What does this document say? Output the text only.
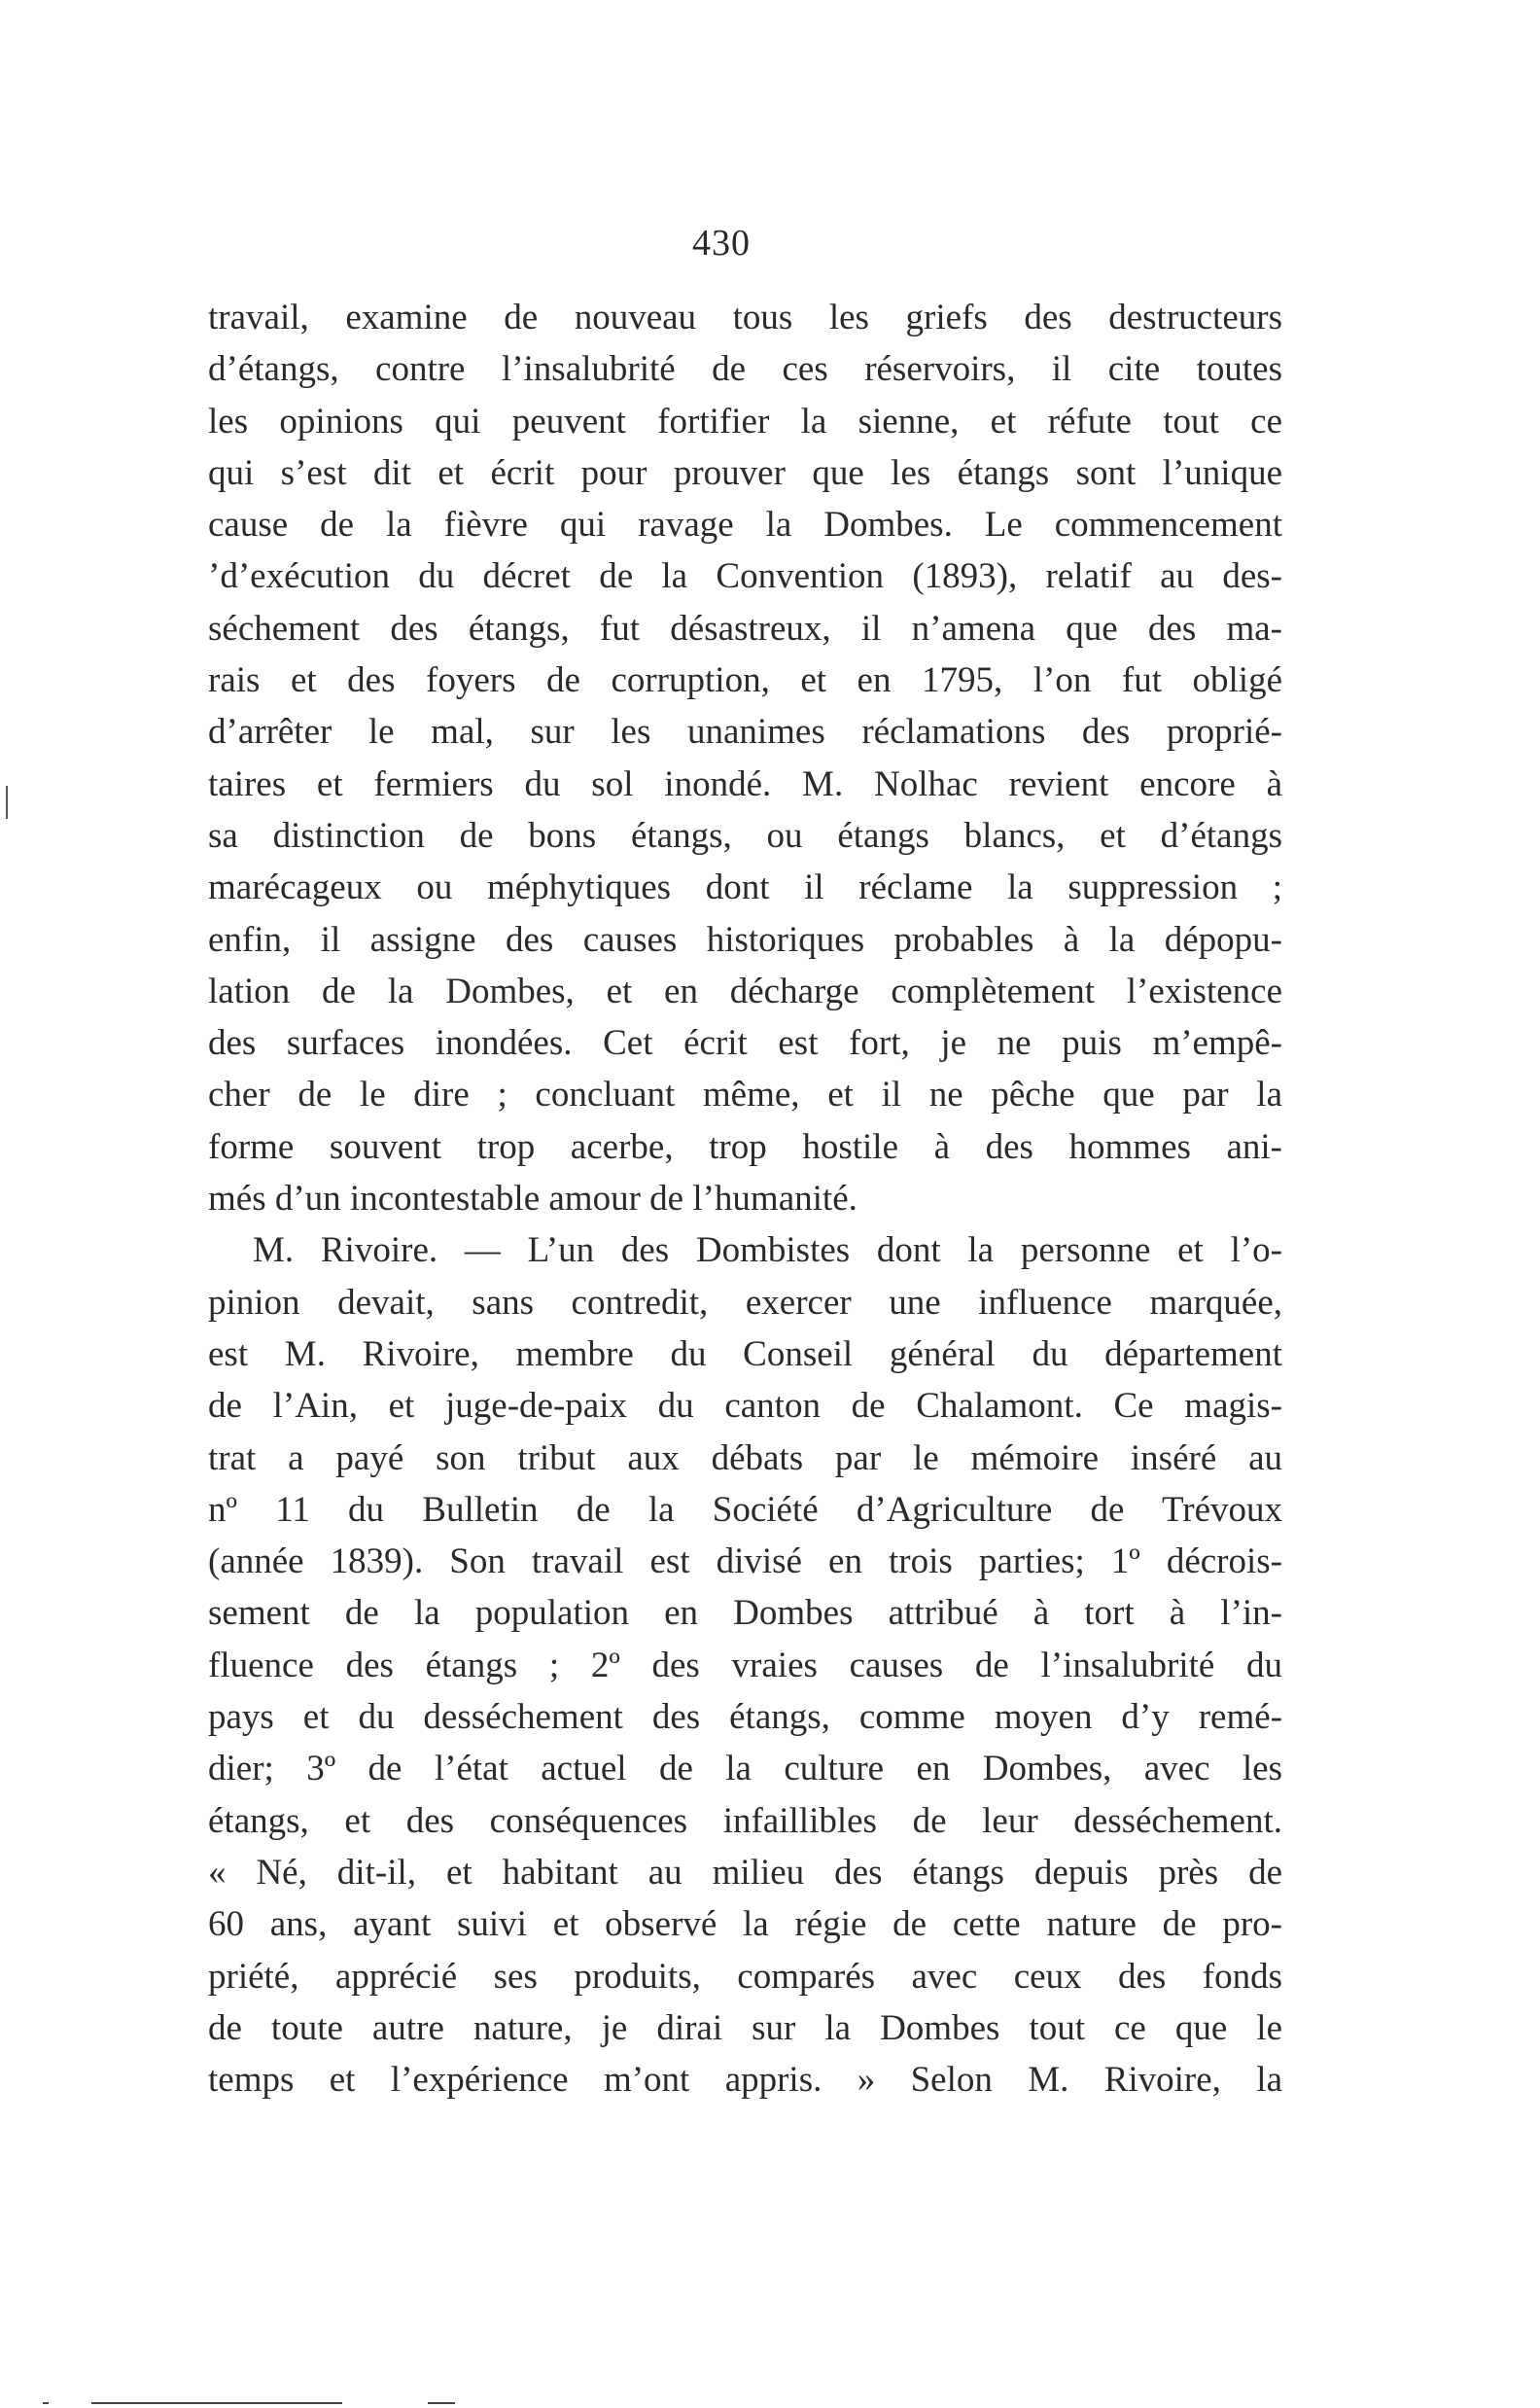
430
travail, examine de nouveau tous les griefs des destructeurs
d’étangs, contre l’insalubrité de ces réservoirs, il cite toutes
les opinions qui peuvent fortifier la sienne, et réfute tout ce
qui s’est dit et écrit pour prouver que les étangs sont l’unique
cause de la fièvre qui ravage la Dombes. Le commencement
’d’exécution du décret de la Convention (1893), relatif au des-
séchement des étangs, fut désastreux, il n’amena que des ma-
rais et des foyers de corruption, et en 1795, l’on fut obligé
d’arrêter le mal, sur les unanimes réclamations des proprié-
taires et fermiers du sol inondé. M. Nolhac revient encore à
sa distinction de bons étangs, ou étangs blancs, et d’étangs
marécageux ou méphytiques dont il réclame la suppression ;
enfin, il assigne des causes historiques probables à la dépopu-
lation de la Dombes, et en décharge complètement l’existence
des surfaces inondées. Cet écrit est fort, je ne puis m’empê-
cher de le dire ; concluant même, et il ne pêche que par la
forme souvent trop acerbe, trop hostile à des hommes ani-
més d’un incontestable amour de l’humanité.
M. Rivoire. — L’un des Dombistes dont la personne et l’o-
pinion devait, sans contredit, exercer une influence marquée,
est M. Rivoire, membre du Conseil général du département
de l’Ain, et juge-de-paix du canton de Chalamont. Ce magis-
trat a payé son tribut aux débats par le mémoire inséré au
nº 11 du Bulletin de la Société d’Agriculture de Trévoux
(année 1839). Son travail est divisé en trois parties; 1º décrois-
sement de la population en Dombes attribué à tort à l’in-
fluence des étangs ; 2º des vraies causes de l’insalubrité du
pays et du desséchement des étangs, comme moyen d’y remé-
dier; 3º de l’état actuel de la culture en Dombes, avec les
étangs, et des conséquences infaillibles de leur desséchement.
« Né, dit-il, et habitant au milieu des étangs depuis près de
60 ans, ayant suivi et observé la régie de cette nature de pro-
priété, apprécié ses produits, comparés avec ceux des fonds
de toute autre nature, je dirai sur la Dombes tout ce que le
temps et l’expérience m’ont appris. » Selon M. Rivoire, la
